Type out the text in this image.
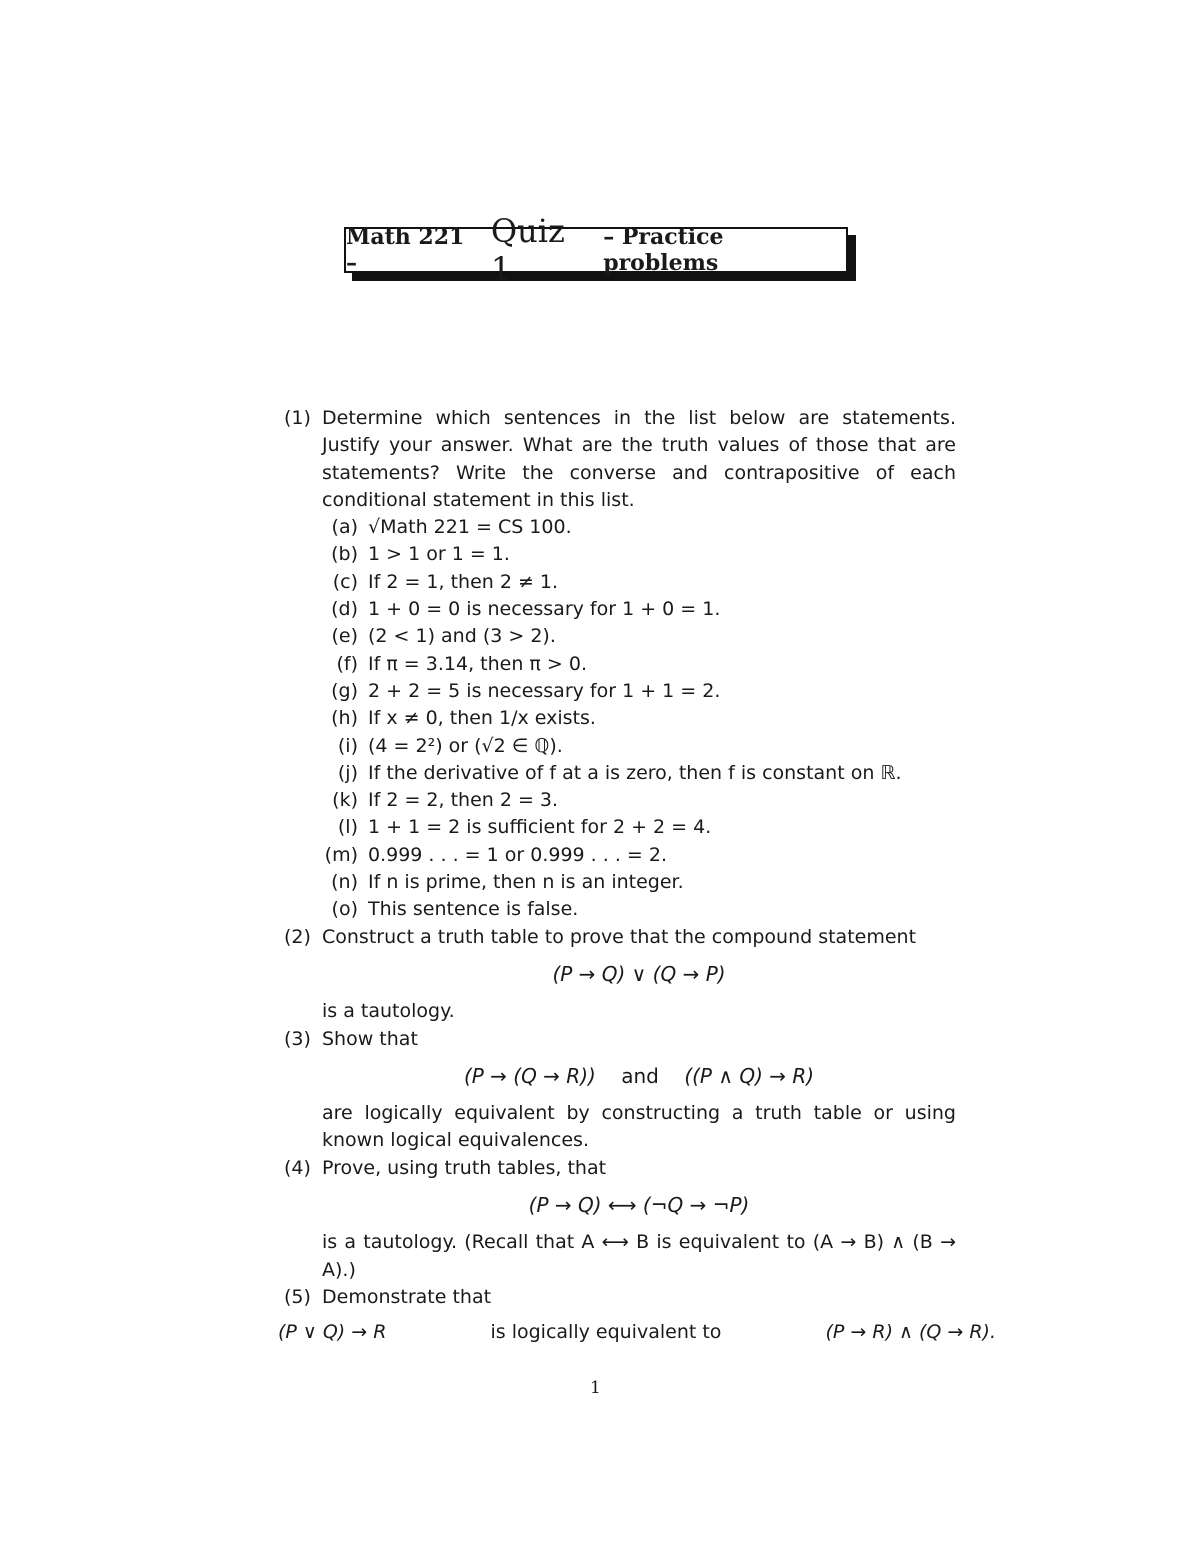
Math 221 –
Quiz 1
– Practice problems
(1) Determine which sentences in the list below are statements. Justify your answer. What are the truth values of those that are statements? Write the converse and contrapositive of each conditional statement in this list.
(a) √Math 221 = CS 100.
(b) 1 > 1 or 1 = 1.
(c) If 2 = 1, then 2 ≠ 1.
(d) 1 + 0 = 0 is necessary for 1 + 0 = 1.
(e) (2 < 1) and (3 > 2).
(f) If π = 3.14, then π > 0.
(g) 2 + 2 = 5 is necessary for 1 + 1 = 2.
(h) If x ≠ 0, then 1/x exists.
(i) (4 = 2²) or (√2 ∈ ℚ).
(j) If the derivative of f at a is zero, then f is constant on ℝ.
(k) If 2 = 2, then 2 = 3.
(l) 1 + 1 = 2 is sufficient for 2 + 2 = 4.
(m) 0.999 . . . = 1 or 0.999 . . . = 2.
(n) If n is prime, then n is an integer.
(o) This sentence is false.
(2) Construct a truth table to prove that the compound statement
(P → Q) ∨ (Q → P)
is a tautology.
(3) Show that
(P → (Q → R)) and ((P ∧ Q) → R)
are logically equivalent by constructing a truth table or using known logical equivalences.
(4) Prove, using truth tables, that
(P → Q) ⟷ (¬Q → ¬P)
is a tautology. (Recall that A ⟷ B is equivalent to (A → B) ∧ (B → A).)
(5) Demonstrate that
(P ∨ Q) → R	is logically equivalent to	(P → R) ∧ (Q → R).
1
